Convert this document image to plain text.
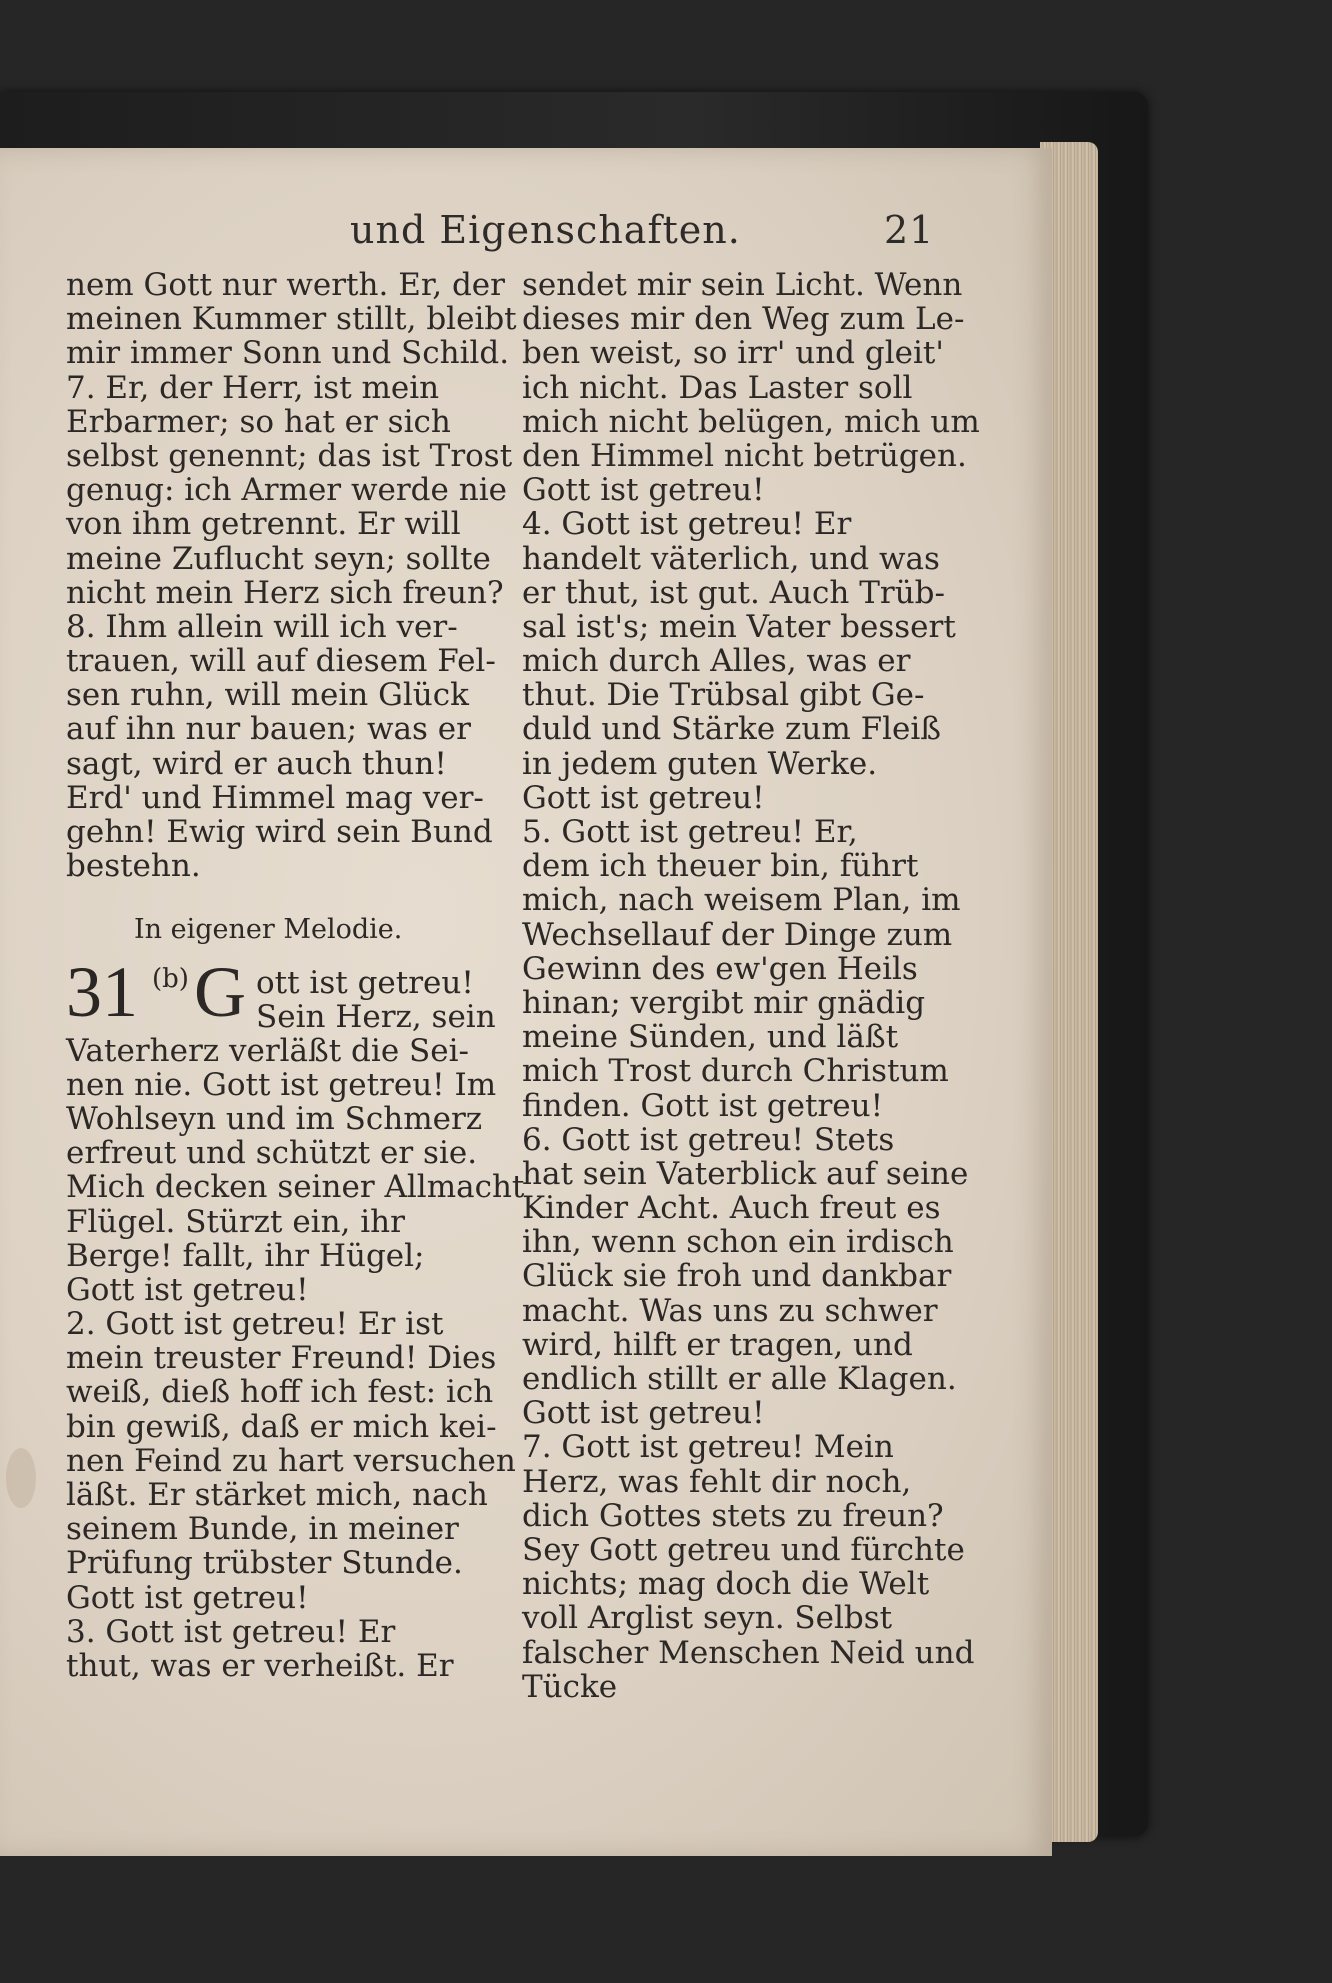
und Eigenschaften.	21
nem Gott nur werth. Er, der
meinen Kummer stillt, bleibt
mir immer Sonn und Schild.
7. Er, der Herr, ist mein
Erbarmer; so hat er sich
selbst genennt; das ist Trost
genug: ich Armer werde nie
von ihm getrennt. Er will
meine Zuflucht seyn; sollte
nicht mein Herz sich freun?
8. Ihm allein will ich ver-
trauen, will auf diesem Fel-
sen ruhn, will mein Glück
auf ihn nur bauen; was er
sagt, wird er auch thun!
Erd' und Himmel mag ver-
gehn! Ewig wird sein Bund
bestehn.
In eigener Melodie.
31 (b) G ott ist getreu!
Sein Herz, sein
Vaterherz verläßt die Sei-
nen nie. Gott ist getreu! Im
Wohlseyn und im Schmerz
erfreut und schützt er sie.
Mich decken seiner Allmacht
Flügel. Stürzt ein, ihr
Berge! fallt, ihr Hügel;
Gott ist getreu!
2. Gott ist getreu! Er ist
mein treuster Freund! Dies
weiß, dieß hoff ich fest: ich
bin gewiß, daß er mich kei-
nen Feind zu hart versuchen
läßt. Er stärket mich, nach
seinem Bunde, in meiner
Prüfung trübster Stunde.
Gott ist getreu!
3. Gott ist getreu! Er
thut, was er verheißt. Er
sendet mir sein Licht. Wenn
dieses mir den Weg zum Le-
ben weist, so irr' und gleit'
ich nicht. Das Laster soll
mich nicht belügen, mich um
den Himmel nicht betrügen.
Gott ist getreu!
4. Gott ist getreu! Er
handelt väterlich, und was
er thut, ist gut. Auch Trüb-
sal ist's; mein Vater bessert
mich durch Alles, was er
thut. Die Trübsal gibt Ge-
duld und Stärke zum Fleiß
in jedem guten Werke.
Gott ist getreu!
5. Gott ist getreu! Er,
dem ich theuer bin, führt
mich, nach weisem Plan, im
Wechsellauf der Dinge zum
Gewinn des ew'gen Heils
hinan; vergibt mir gnädig
meine Sünden, und läßt
mich Trost durch Christum
finden. Gott ist getreu!
6. Gott ist getreu! Stets
hat sein Vaterblick auf seine
Kinder Acht. Auch freut es
ihn, wenn schon ein irdisch
Glück sie froh und dankbar
macht. Was uns zu schwer
wird, hilft er tragen, und
endlich stillt er alle Klagen.
Gott ist getreu!
7. Gott ist getreu! Mein
Herz, was fehlt dir noch,
dich Gottes stets zu freun?
Sey Gott getreu und fürchte
nichts; mag doch die Welt
voll Arglist seyn. Selbst
falscher Menschen Neid und
Tücke
